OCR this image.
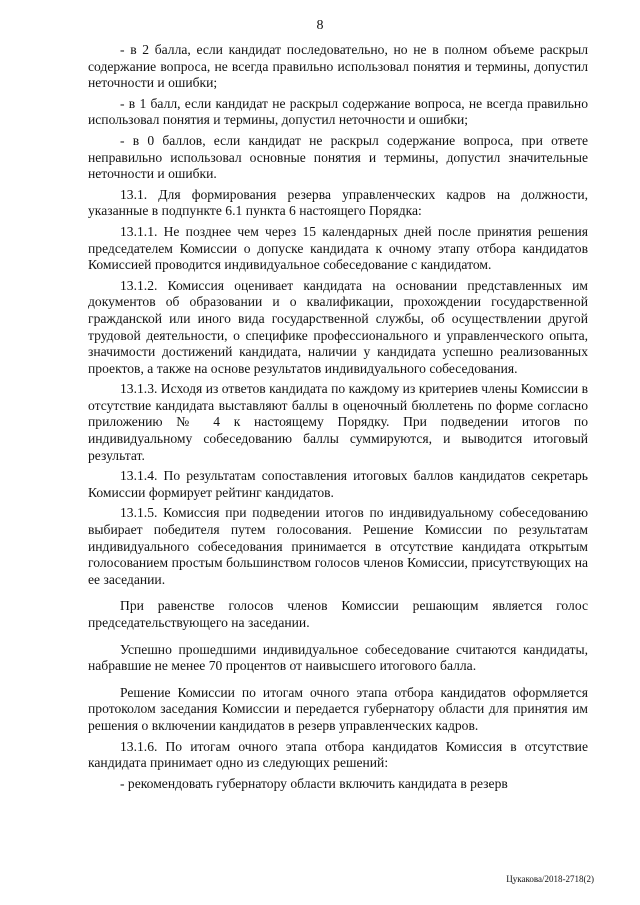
8

- в 2 балла, если кандидат последовательно, но не в полном объеме раскрыл содержание вопроса, не всегда правильно использовал понятия и термины, допустил неточности и ошибки;

- в 1 балл, если кандидат не раскрыл содержание вопроса, не всегда правильно использовал понятия и термины, допустил неточности и ошибки;

- в 0 баллов, если кандидат не раскрыл содержание вопроса, при ответе неправильно использовал основные понятия и термины, допустил значительные неточности и ошибки.

13.1. Для формирования резерва управленческих кадров на должности, указанные в подпункте 6.1 пункта 6 настоящего Порядка:

13.1.1. Не позднее чем через 15 календарных дней после принятия решения председателем Комиссии о допуске кандидата к очному этапу отбора кандидатов Комиссией проводится индивидуальное собеседование с кандидатом.

13.1.2. Комиссия оценивает кандидата на основании представленных им документов об образовании и о квалификации, прохождении государственной гражданской или иного вида государственной службы, об осуществлении другой трудовой деятельности, о специфике профессионального и управленческого опыта, значимости достижений кандидата, наличии у кандидата успешно реализованных проектов, а также на основе результатов индивидуального собеседования.

13.1.3. Исходя из ответов кандидата по каждому из критериев члены Комиссии в отсутствие кандидата выставляют баллы в оценочный бюллетень по форме согласно приложению № 4 к настоящему Порядку. При подведении итогов по индивидуальному собеседованию баллы суммируются, и выводится итоговый результат.

13.1.4. По результатам сопоставления итоговых баллов кандидатов секретарь Комиссии формирует рейтинг кандидатов.

13.1.5. Комиссия при подведении итогов по индивидуальному собеседованию выбирает победителя путем голосования. Решение Комиссии по результатам индивидуального собеседования принимается в отсутствие кандидата открытым голосованием простым большинством голосов членов Комиссии, присутствующих на ее заседании.

При равенстве голосов членов Комиссии решающим является голос председательствующего на заседании.

Успешно прошедшими индивидуальное собеседование считаются кандидаты, набравшие не менее 70 процентов от наивысшего итогового балла.

Решение Комиссии по итогам очного этапа отбора кандидатов оформляется протоколом заседания Комиссии и передается губернатору области для принятия им решения о включении кандидатов в резерв управленческих кадров.

13.1.6. По итогам очного этапа отбора кандидатов Комиссия в отсутствие кандидата принимает одно из следующих решений:

- рекомендовать губернатору области включить кандидата в резерв

Цукакова/2018-2718(2)
